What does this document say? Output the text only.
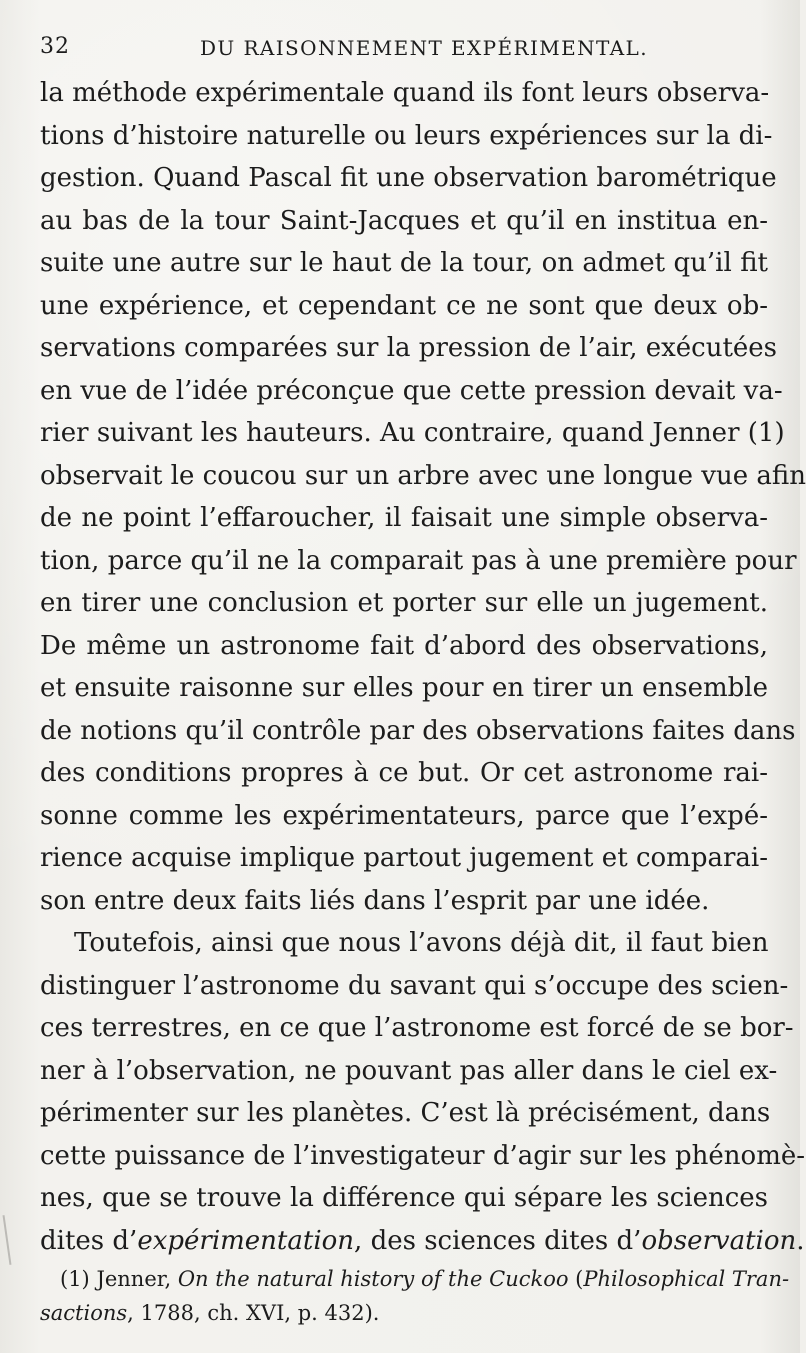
32	DU RAISONNEMENT EXPÉRIMENTAL.
la méthode expérimentale quand ils font leurs observa-
tions d’histoire naturelle ou leurs expériences sur la di-
gestion. Quand Pascal fit une observation barométrique
au bas de la tour Saint-Jacques et qu’il en institua en-
suite une autre sur le haut de la tour, on admet qu’il fit
une expérience, et cependant ce ne sont que deux ob-
servations comparées sur la pression de l’air, exécutées
en vue de l’idée préconçue que cette pression devait va-
rier suivant les hauteurs. Au contraire, quand Jenner (1)
observait le coucou sur un arbre avec une longue vue afin
de ne point l’effaroucher, il faisait une simple observa-
tion, parce qu’il ne la comparait pas à une première pour
en tirer une conclusion et porter sur elle un jugement.
De même un astronome fait d’abord des observations,
et ensuite raisonne sur elles pour en tirer un ensemble
de notions qu’il contrôle par des observations faites dans
des conditions propres à ce but. Or cet astronome rai-
sonne comme les expérimentateurs, parce que l’expé-
rience acquise implique partout jugement et comparai-
son entre deux faits liés dans l’esprit par une idée.
Toutefois, ainsi que nous l’avons déjà dit, il faut bien
distinguer l’astronome du savant qui s’occupe des scien-
ces terrestres, en ce que l’astronome est forcé de se bor-
ner à l’observation, ne pouvant pas aller dans le ciel ex-
périmenter sur les planètes. C’est là précisément, dans
cette puissance de l’investigateur d’agir sur les phénomè-
nes, que se trouve la différence qui sépare les sciences
dites d’expérimentation, des sciences dites d’observation.
(1) Jenner, On the natural history of the Cuckoo (Philosophical Tran-
sactions, 1788, ch. XVI, p. 432).
